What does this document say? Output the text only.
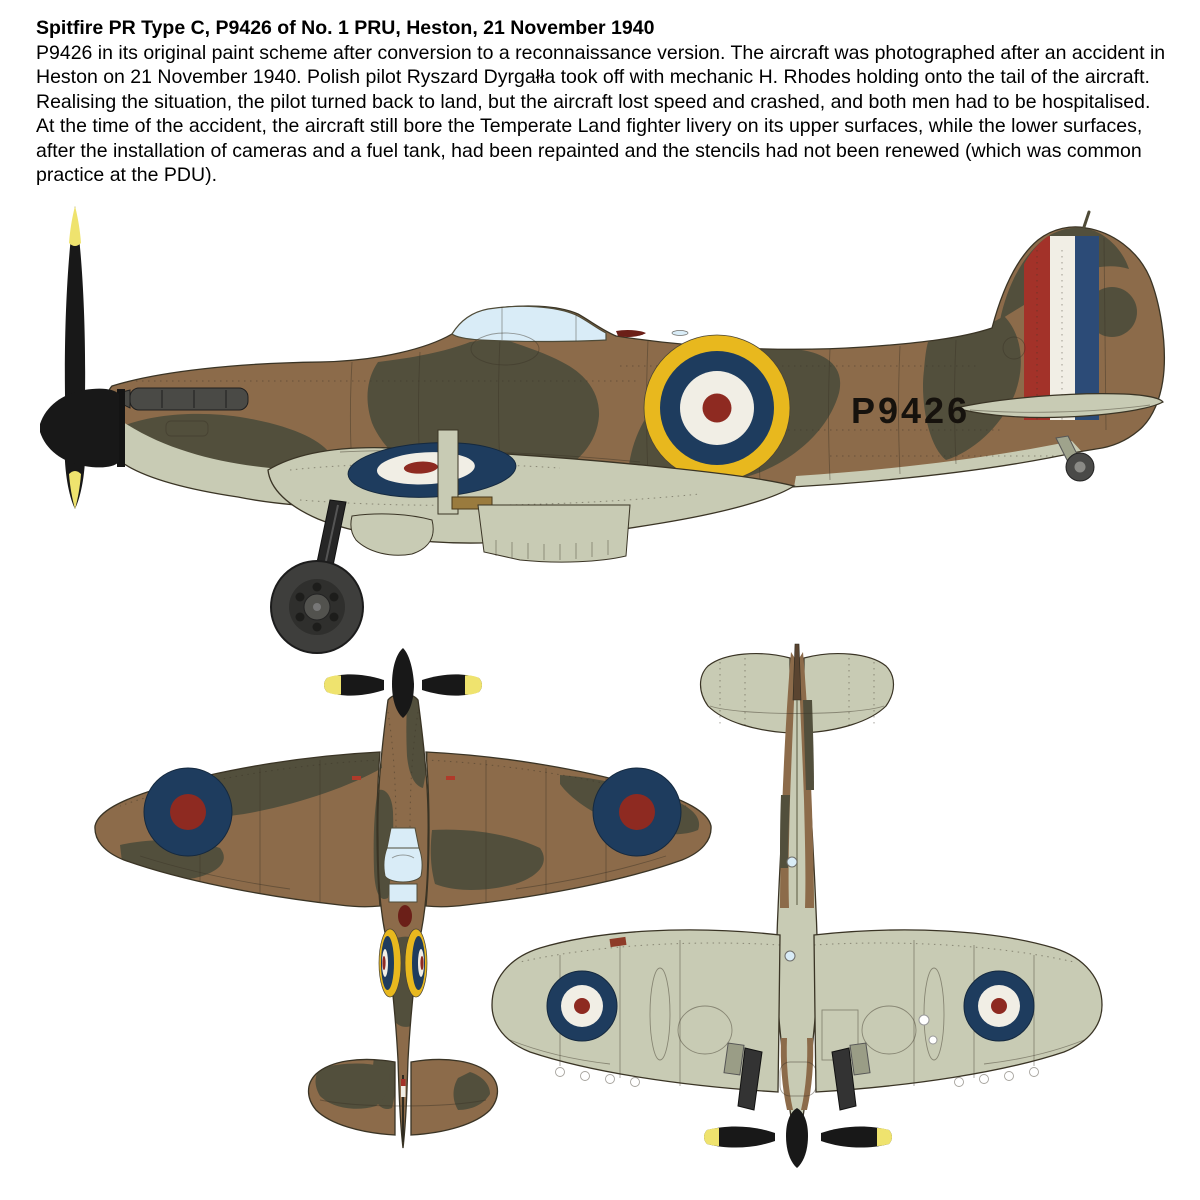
Spitfire PR Type C, P9426 of No. 1 PRU, Heston, 21 November 1940

P9426 in its original paint scheme after conversion to a reconnaissance version. The aircraft was photographed after an accident in Heston on 21 November 1940. Polish pilot Ryszard Dyrgałła took off with mechanic H. Rhodes holding onto the tail of the aircraft. Realising the situation, the pilot turned back to land, but the aircraft lost speed and crashed, and both men had to be hospitalised. At the time of the accident, the aircraft still bore the Temperate Land fighter livery on its upper surfaces, while the lower surfaces, after the installation of cameras and a fuel tank, had been repainted and the stencils had not been renewed (which was common practice at the PDU).

P9426
